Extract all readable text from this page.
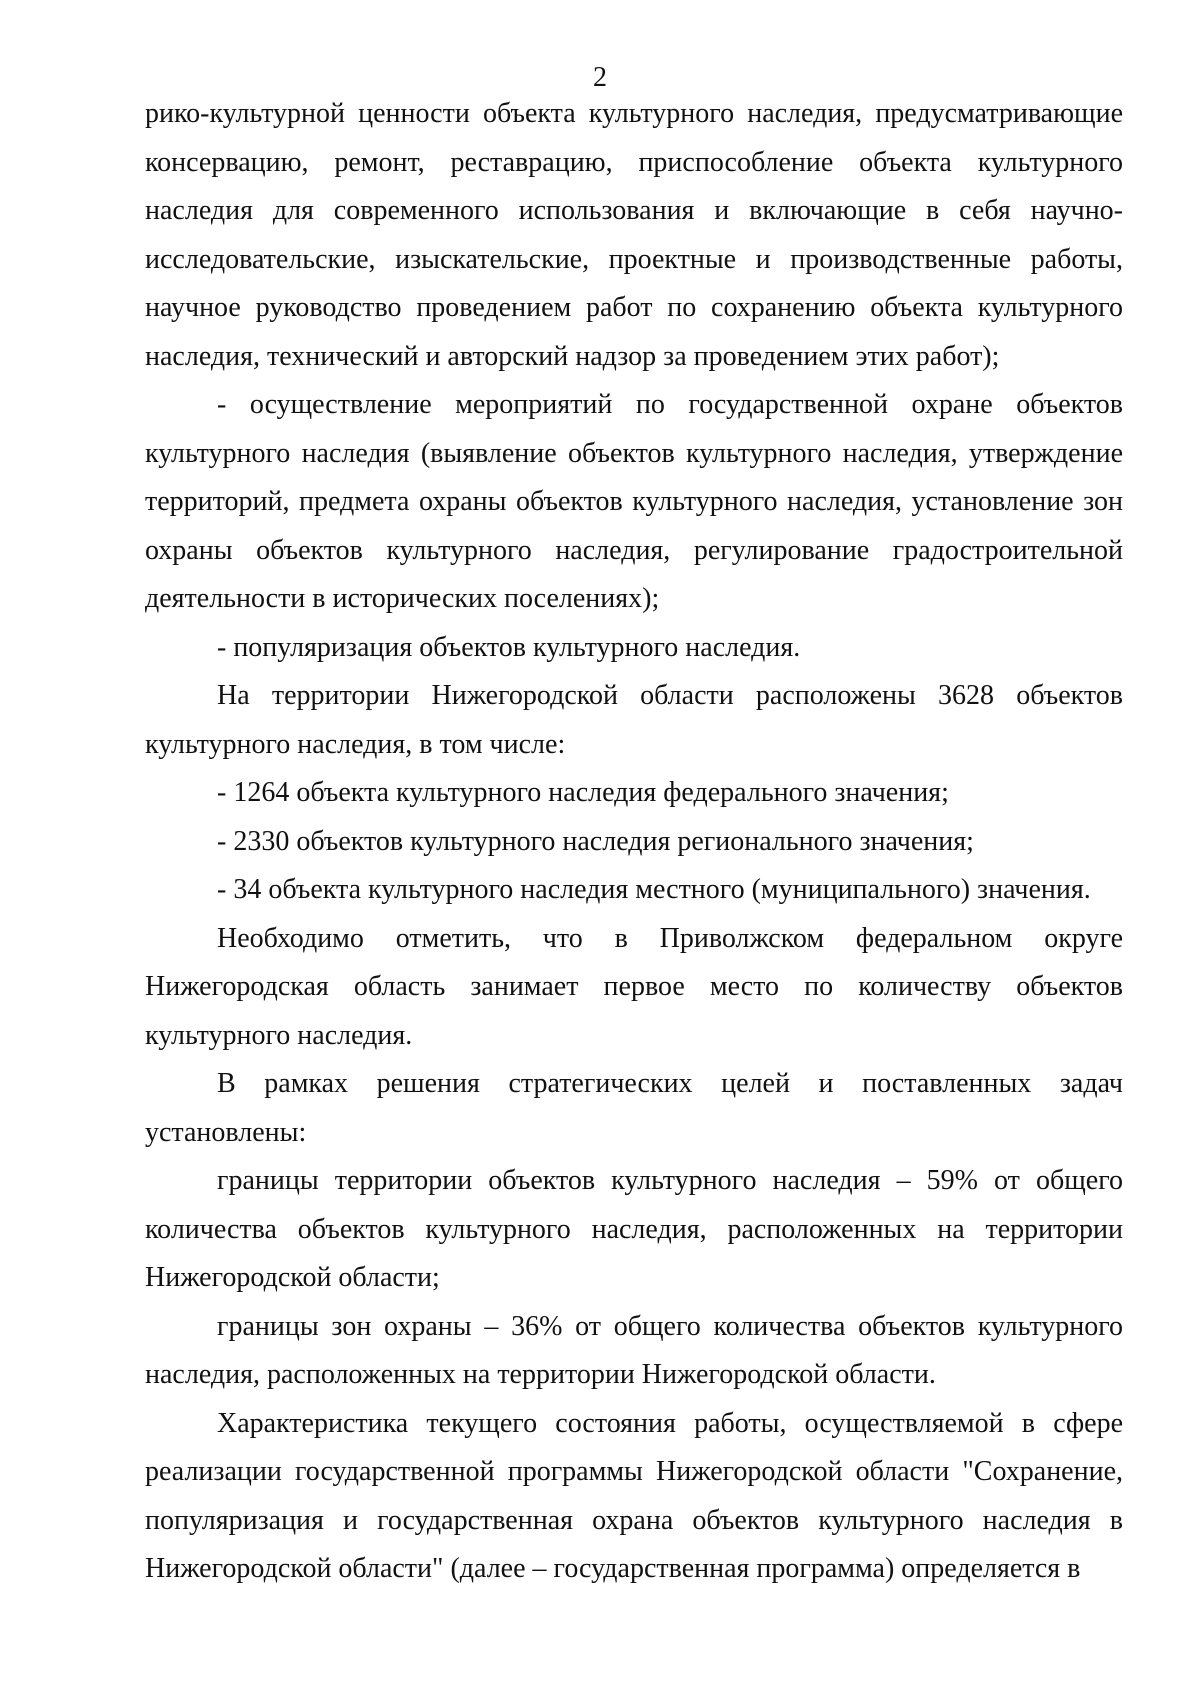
2

рико-культурной ценности объекта культурного наследия, предусматривающие консервацию, ремонт, реставрацию, приспособление объекта культурного наследия для современного использования и включающие в себя научно-исследовательские, изыскательские, проектные и производственные работы, научное руководство проведением работ по сохранению объекта культурного наследия, технический и авторский надзор за проведением этих работ);

- осуществление мероприятий по государственной охране объектов культурного наследия (выявление объектов культурного наследия, утверждение территорий, предмета охраны объектов культурного наследия, установление зон охраны объектов культурного наследия, регулирование градостроительной деятельности в исторических поселениях);

- популяризация объектов культурного наследия.

На территории Нижегородской области расположены 3628 объектов культурного наследия, в том числе:

- 1264 объекта культурного наследия федерального значения;

- 2330 объектов культурного наследия регионального значения;

- 34 объекта культурного наследия местного (муниципального) значения.

Необходимо отметить, что в Приволжском федеральном округе Нижегородская область занимает первое место по количеству объектов культурного наследия.

В рамках решения стратегических целей и поставленных задач установлены:

границы территории объектов культурного наследия – 59% от общего количества объектов культурного наследия, расположенных на территории Нижегородской области;

границы зон охраны – 36% от общего количества объектов культурного наследия, расположенных на территории Нижегородской области.

Характеристика текущего состояния работы, осуществляемой в сфере реализации государственной программы Нижегородской области "Сохранение, популяризация и государственная охрана объектов культурного наследия в Нижегородской области" (далее – государственная программа) определяется в
